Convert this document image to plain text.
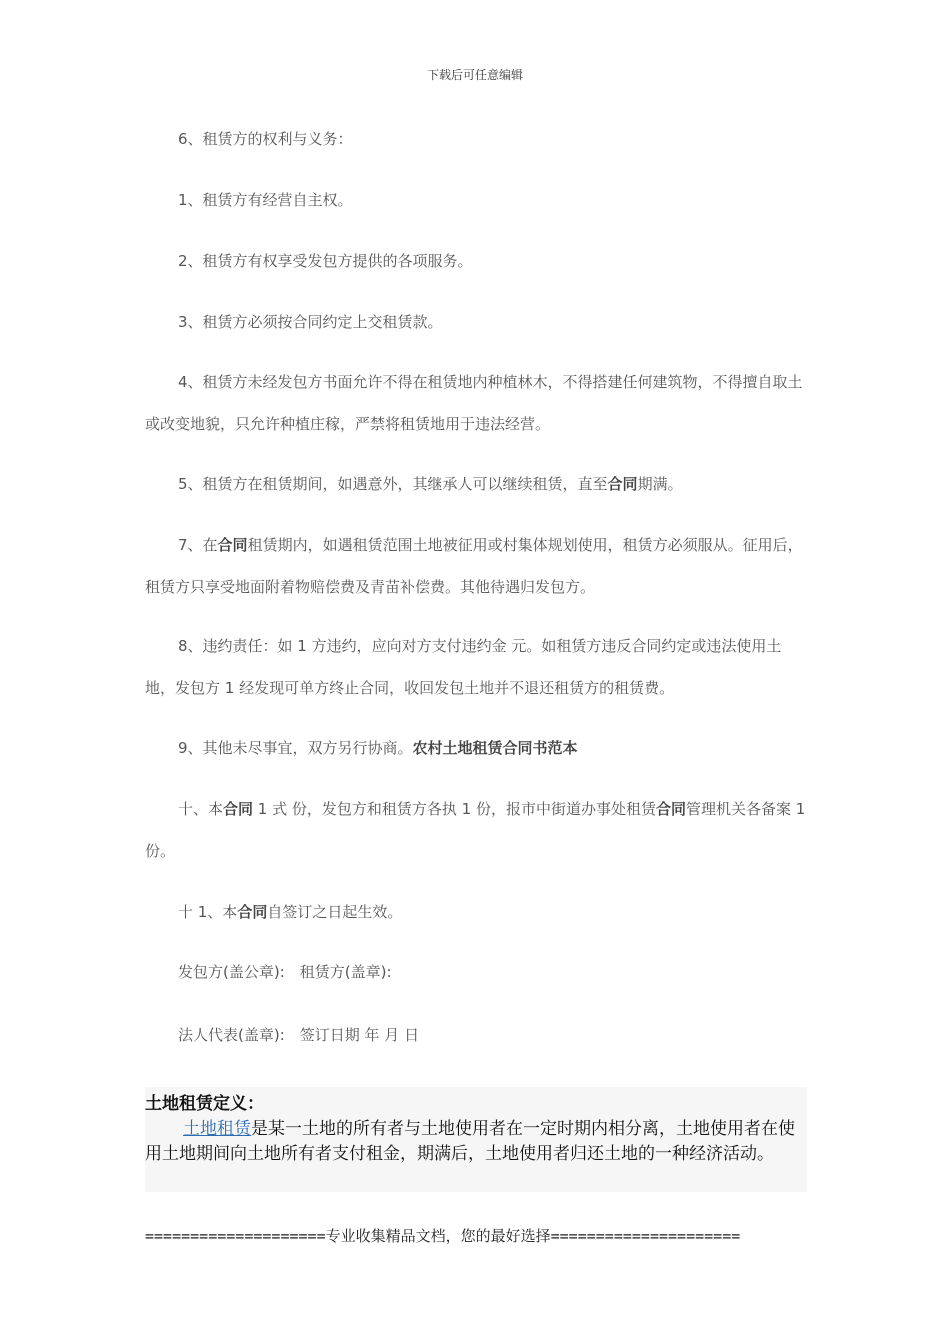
下载后可任意编辑
6、租赁方的权利与义务：
1、租赁方有经营自主权。
2、租赁方有权享受发包方提供的各项服务。
3、租赁方必须按合同约定上交租赁款。
4、租赁方未经发包方书面允许不得在租赁地内种植林木，不得搭建任何建筑物，不得擅自取土或改变地貌，只允许种植庄稼，严禁将租赁地用于违法经营。
5、租赁方在租赁期间，如遇意外，其继承人可以继续租赁，直至合同期满。
7、在合同租赁期内，如遇租赁范围土地被征用或村集体规划使用，租赁方必须服从。征用后，租赁方只享受地面附着物赔偿费及青苗补偿费。其他待遇归发包方。
8、违约责任：如 1 方违约，应向对方支付违约金 元。如租赁方违反合同约定或违法使用土地，发包方 1 经发现可单方终止合同，收回发包土地并不退还租赁方的租赁费。
9、其他未尽事宜，双方另行协商。农村土地租赁合同书范本
十、本合同 1 式 份，发包方和租赁方各执 1 份，报市中街道办事处租赁合同管理机关各备案 1 份。
十 1、本合同自签订之日起生效。
发包方(盖公章):　租赁方(盖章):
法人代表(盖章):　签订日期 年 月 日
土地租赁定义：
土地租赁是某一土地的所有者与土地使用者在一定时期内相分离，土地使用者在使用土地期间向土地所有者支付租金，期满后，土地使用者归还土地的一种经济活动。
====================专业收集精品文档，您的最好选择=====================
